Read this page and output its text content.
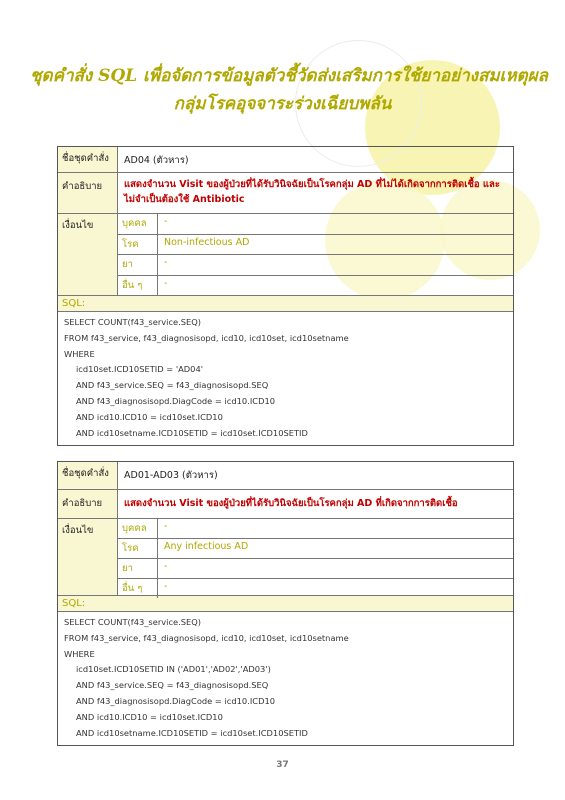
ชุดคำสั่ง SQL เพื่อจัดการข้อมูลตัวชี้วัดส่งเสริมการใช้ยาอย่างสมเหตุผล
กลุ่มโรคอุจจาระร่วงเฉียบพลัน
ชื่อชุดคำสั่ง	AD04 (ตัวหาร)
คำอธิบาย	แสดงจำนวน Visit ของผู้ป่วยที่ได้รับวินิจฉัยเป็นโรคกลุ่ม AD ที่ไม่ได้เกิดจากการติดเชื้อ และไม่จำเป็นต้องใช้ Antibiotic
เงื่อนไข	บุคคล	-
โรค	Non-infectious AD
ยา	-
อื่น ๆ	-
SQL:
SELECT COUNT(f43_service.SEQ)
FROM f43_service, f43_diagnosisopd, icd10, icd10set, icd10setname
WHERE
icd10set.ICD10SETID = 'AD04'
AND f43_service.SEQ = f43_diagnosisopd.SEQ
AND f43_diagnosisopd.DiagCode = icd10.ICD10
AND icd10.ICD10 = icd10set.ICD10
AND icd10setname.ICD10SETID = icd10set.ICD10SETID
ชื่อชุดคำสั่ง	AD01-AD03 (ตัวหาร)
คำอธิบาย	แสดงจำนวน Visit ของผู้ป่วยที่ได้รับวินิจฉัยเป็นโรคกลุ่ม AD ที่เกิดจากการติดเชื้อ
เงื่อนไข	บุคคล	-
โรค	Any infectious AD
ยา	-
อื่น ๆ	-
SQL:
SELECT COUNT(f43_service.SEQ)
FROM f43_service, f43_diagnosisopd, icd10, icd10set, icd10setname
WHERE
icd10set.ICD10SETID IN ('AD01','AD02','AD03')
AND f43_service.SEQ = f43_diagnosisopd.SEQ
AND f43_diagnosisopd.DiagCode = icd10.ICD10
AND icd10.ICD10 = icd10set.ICD10
AND icd10setname.ICD10SETID = icd10set.ICD10SETID
37
